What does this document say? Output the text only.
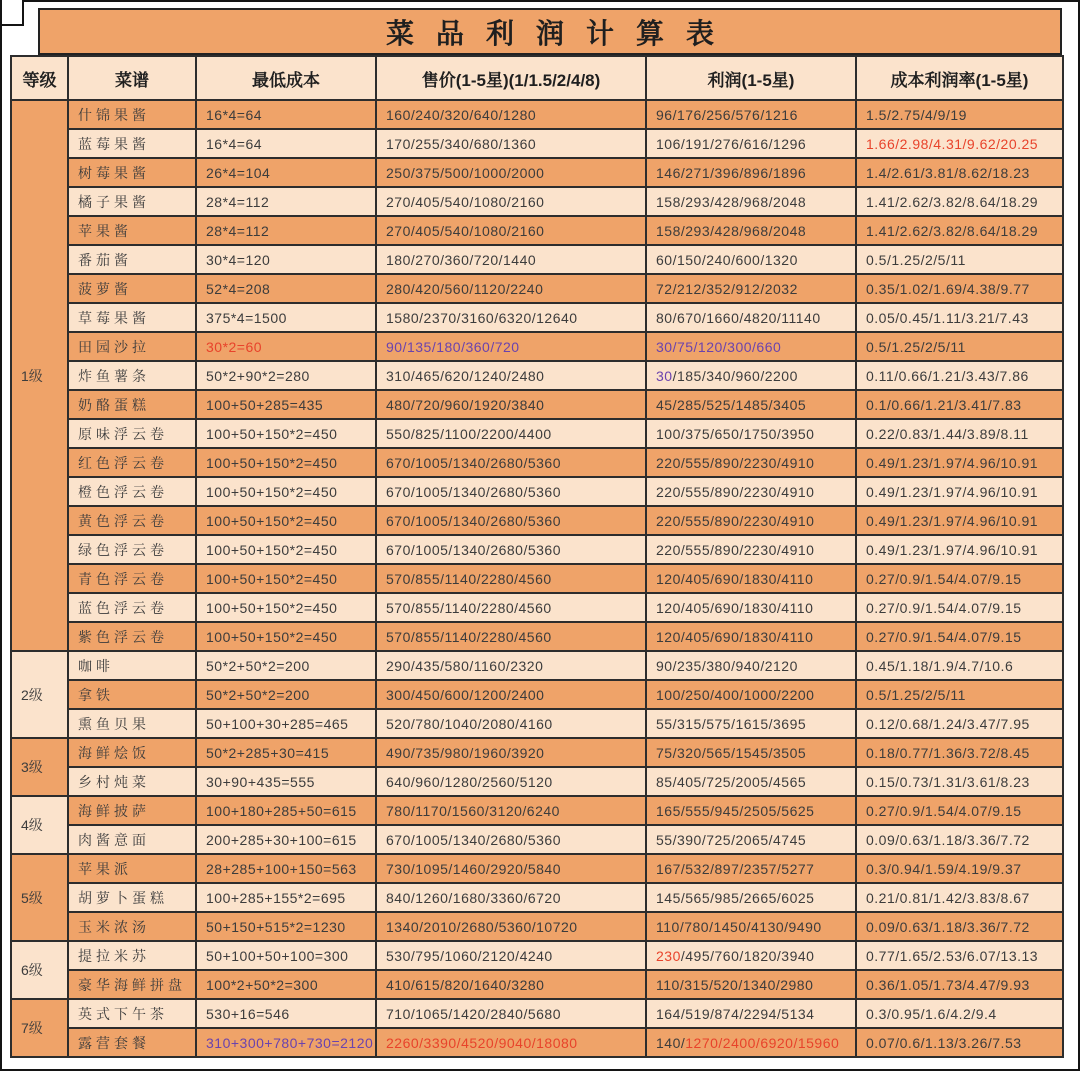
菜品利润计算表
等级	菜谱	最低成本	售价(1-5星)(1/1.5/2/4/8)	利润(1-5星)	成本利润率(1-5星)
1级	什锦果酱	16*4=64	160/240/320/640/1280	96/176/256/576/1216	1.5/2.75/4/9/19
	蓝莓果酱	16*4=64	170/255/340/680/1360	106/191/276/616/1296	1.66/2.98/4.31/9.62/20.25
	树莓果酱	26*4=104	250/375/500/1000/2000	146/271/396/896/1896	1.4/2.61/3.81/8.62/18.23
	橘子果酱	28*4=112	270/405/540/1080/2160	158/293/428/968/2048	1.41/2.62/3.82/8.64/18.29
	苹果酱	28*4=112	270/405/540/1080/2160	158/293/428/968/2048	1.41/2.62/3.82/8.64/18.29
	番茄酱	30*4=120	180/270/360/720/1440	60/150/240/600/1320	0.5/1.25/2/5/11
	菠萝酱	52*4=208	280/420/560/1120/2240	72/212/352/912/2032	0.35/1.02/1.69/4.38/9.77
	草莓果酱	375*4=1500	1580/2370/3160/6320/12640	80/670/1660/4820/11140	0.05/0.45/1.11/3.21/7.43
	田园沙拉	30*2=60	90/135/180/360/720	30/75/120/300/660	0.5/1.25/2/5/11
	炸鱼薯条	50*2+90*2=280	310/465/620/1240/2480	30/185/340/960/2200	0.11/0.66/1.21/3.43/7.86
	奶酪蛋糕	100+50+285=435	480/720/960/1920/3840	45/285/525/1485/3405	0.1/0.66/1.21/3.41/7.83
	原味浮云卷	100+50+150*2=450	550/825/1100/2200/4400	100/375/650/1750/3950	0.22/0.83/1.44/3.89/8.11
	红色浮云卷	100+50+150*2=450	670/1005/1340/2680/5360	220/555/890/2230/4910	0.49/1.23/1.97/4.96/10.91
	橙色浮云卷	100+50+150*2=450	670/1005/1340/2680/5360	220/555/890/2230/4910	0.49/1.23/1.97/4.96/10.91
	黄色浮云卷	100+50+150*2=450	670/1005/1340/2680/5360	220/555/890/2230/4910	0.49/1.23/1.97/4.96/10.91
	绿色浮云卷	100+50+150*2=450	670/1005/1340/2680/5360	220/555/890/2230/4910	0.49/1.23/1.97/4.96/10.91
	青色浮云卷	100+50+150*2=450	570/855/1140/2280/4560	120/405/690/1830/4110	0.27/0.9/1.54/4.07/9.15
	蓝色浮云卷	100+50+150*2=450	570/855/1140/2280/4560	120/405/690/1830/4110	0.27/0.9/1.54/4.07/9.15
	紫色浮云卷	100+50+150*2=450	570/855/1140/2280/4560	120/405/690/1830/4110	0.27/0.9/1.54/4.07/9.15
2级	咖啡	50*2+50*2=200	290/435/580/1160/2320	90/235/380/940/2120	0.45/1.18/1.9/4.7/10.6
	拿铁	50*2+50*2=200	300/450/600/1200/2400	100/250/400/1000/2200	0.5/1.25/2/5/11
	熏鱼贝果	50+100+30+285=465	520/780/1040/2080/4160	55/315/575/1615/3695	0.12/0.68/1.24/3.47/7.95
3级	海鲜烩饭	50*2+285+30=415	490/735/980/1960/3920	75/320/565/1545/3505	0.18/0.77/1.36/3.72/8.45
	乡村炖菜	30+90+435=555	640/960/1280/2560/5120	85/405/725/2005/4565	0.15/0.73/1.31/3.61/8.23
4级	海鲜披萨	100+180+285+50=615	780/1170/1560/3120/6240	165/555/945/2505/5625	0.27/0.9/1.54/4.07/9.15
	肉酱意面	200+285+30+100=615	670/1005/1340/2680/5360	55/390/725/2065/4745	0.09/0.63/1.18/3.36/7.72
5级	苹果派	28+285+100+150=563	730/1095/1460/2920/5840	167/532/897/2357/5277	0.3/0.94/1.59/4.19/9.37
	胡萝卜蛋糕	100+285+155*2=695	840/1260/1680/3360/6720	145/565/985/2665/6025	0.21/0.81/1.42/3.83/8.67
	玉米浓汤	50+150+515*2=1230	1340/2010/2680/5360/10720	110/780/1450/4130/9490	0.09/0.63/1.18/3.36/7.72
6级	提拉米苏	50+100+50+100=300	530/795/1060/2120/4240	230/495/760/1820/3940	0.77/1.65/2.53/6.07/13.13
	豪华海鲜拼盘	100*2+50*2=300	410/615/820/1640/3280	110/315/520/1340/2980	0.36/1.05/1.73/4.47/9.93
7级	英式下午茶	530+16=546	710/1065/1420/2840/5680	164/519/874/2294/5134	0.3/0.95/1.6/4.2/9.4
	露营套餐	310+300+780+730=2120	2260/3390/4520/9040/18080	140/1270/2400/6920/15960	0.07/0.6/1.13/3.26/7.53
